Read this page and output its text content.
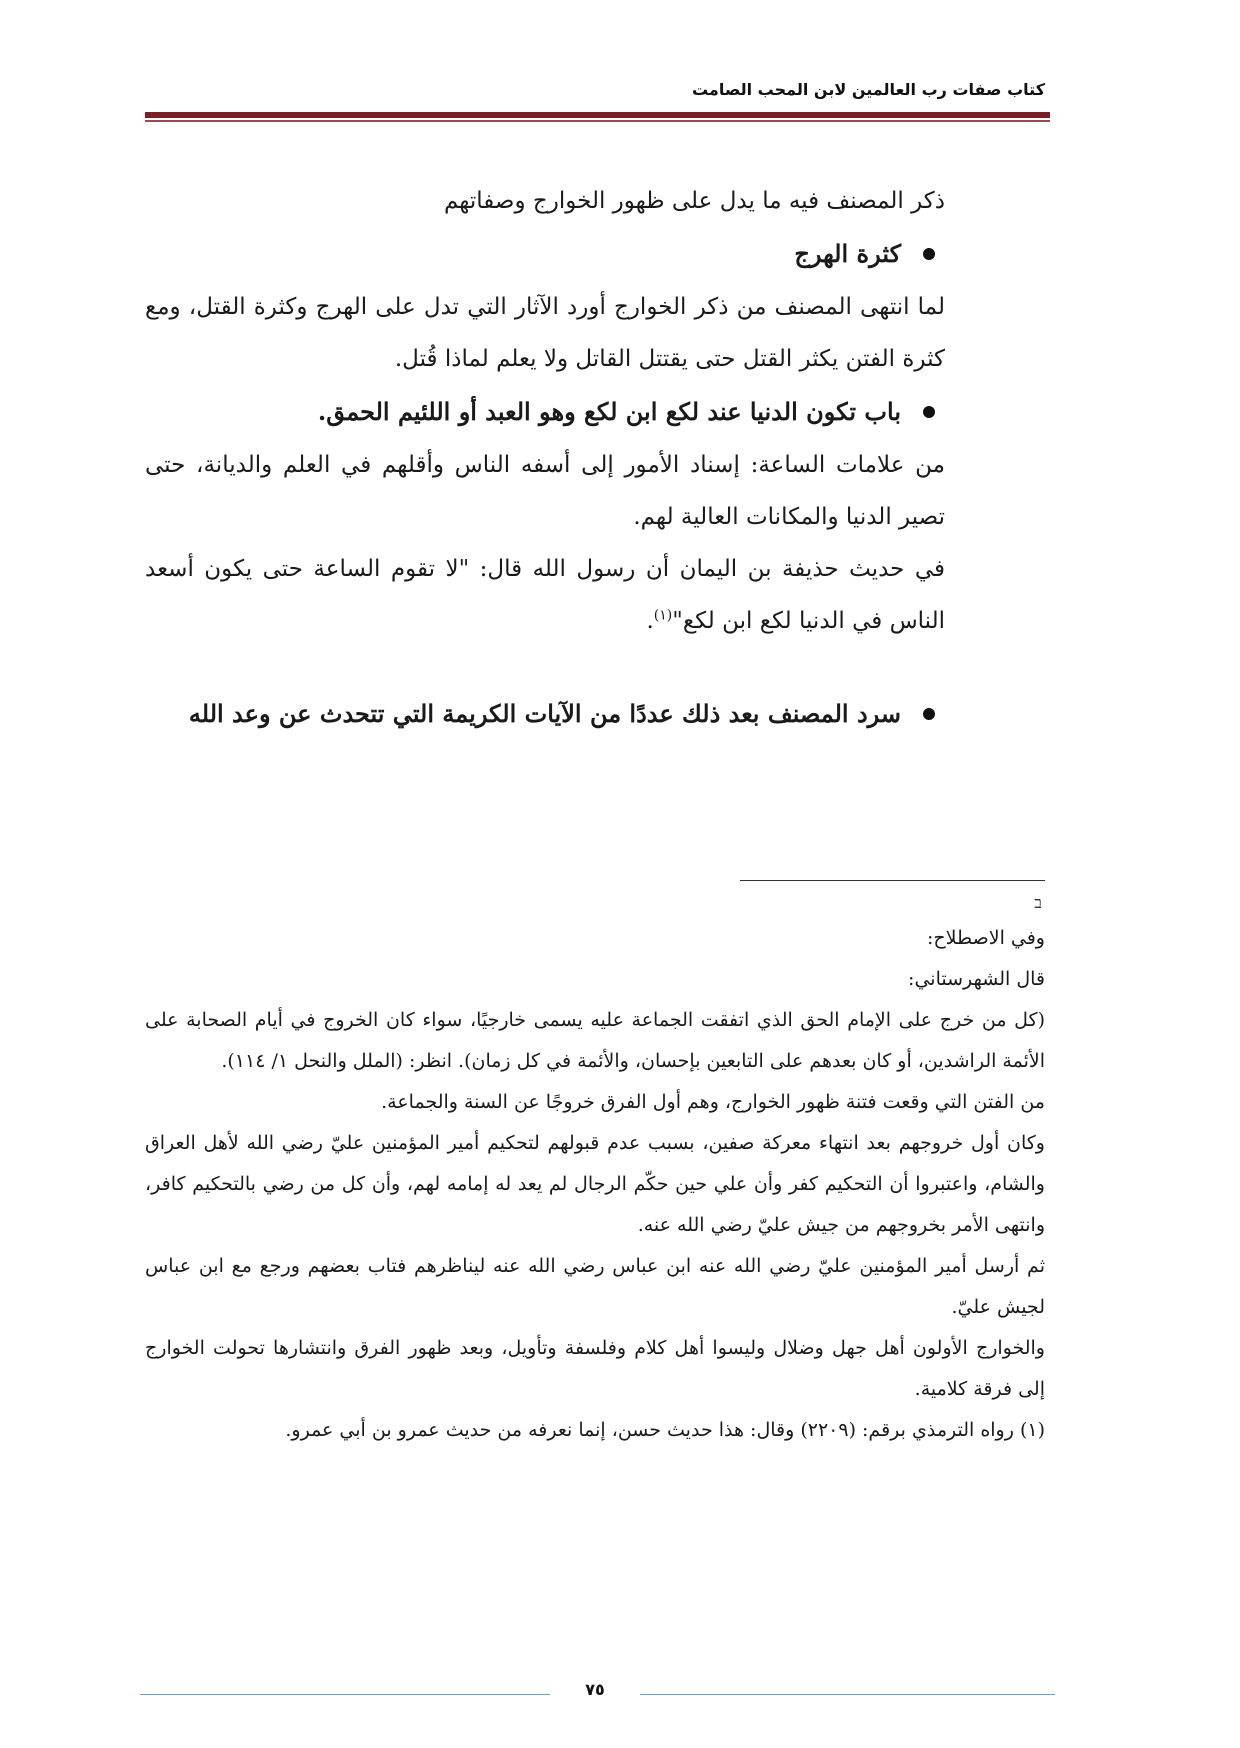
كتاب صفات رب العالمين لابن المحب الصامت

ذكر المصنف فيه ما يدل على ظهور الخوارج وصفاتهم

كثرة الهرج

لما انتهى المصنف من ذكر الخوارج أورد الآثار التي تدل على الهرج وكثرة القتل، ومع كثرة الفتن يكثر القتل حتى يقتتل القاتل ولا يعلم لماذا قُتل.

باب تكون الدنيا عند لكع ابن لكع وهو العبد أو اللئيم الحمق.

من علامات الساعة: إسناد الأمور إلى أسفه الناس وأقلهم في العلم والديانة، حتى تصير الدنيا والمكانات العالية لهم.

في حديث حذيفة بن اليمان أن رسول الله قال: "لا تقوم الساعة حتى يكون أسعد الناس في الدنيا لكع ابن لكع"$^{(١)}$.

سرد المصنف بعد ذلك عددًا من الآيات الكريمة التي تتحدث عن وعد الله
ב

وفي الاصطلاح:

قال الشهرستاني:

(كل من خرج على الإمام الحق الذي اتفقت الجماعة عليه يسمى خارجيًا، سواء كان الخروج في أيام الصحابة على الأئمة الراشدين، أو كان بعدهم على التابعين بإحسان، والأئمة في كل زمان). انظر: (الملل والنحل ١/ ١١٤).

من الفتن التي وقعت فتنة ظهور الخوارج، وهم أول الفرق خروجًا عن السنة والجماعة.

وكان أول خروجهم بعد انتهاء معركة صفين، بسبب عدم قبولهم لتحكيم أمير المؤمنين عليّ رضي الله لأهل العراق والشام، واعتبروا أن التحكيم كفر وأن علي حين حكّم الرجال لم يعد له إمامه لهم، وأن كل من رضي بالتحكيم كافر، وانتهى الأمر بخروجهم من جيش عليّ رضي الله عنه.

ثم أرسل أمير المؤمنين عليّ رضي الله عنه ابن عباس رضي الله عنه ليناظرهم فتاب بعضهم ورجع مع ابن عباس لجيش عليّ.

والخوارج الأولون أهل جهل وضلال وليسوا أهل كلام وفلسفة وتأويل، وبعد ظهور الفرق وانتشارها تحولت الخوارج إلى فرقة كلامية.

(١) رواه الترمذي برقم: (٢٢٠٩) وقال: هذا حديث حسن، إنما نعرفه من حديث عمرو بن أبي عمرو.

٧٥
